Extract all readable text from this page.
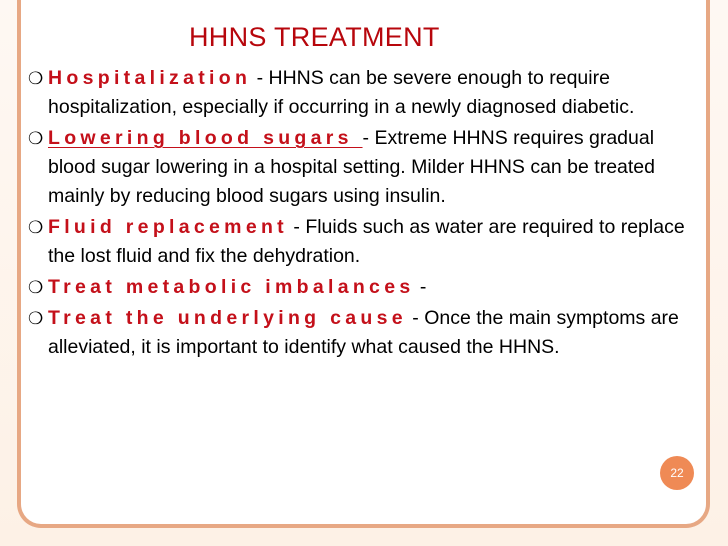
HHNS TREATMENT
❍ Hospitalization - HHNS can be severe enough to require hospitalization, especially if occurring in a newly diagnosed diabetic.
❍ Lowering blood sugars - Extreme HHNS requires gradual blood sugar lowering in a hospital setting. Milder HHNS can be treated mainly by reducing blood sugars using insulin.
❍ Fluid replacement - Fluids such as water are required to replace the lost fluid and fix the dehydration.
❍ Treat metabolic imbalances -
❍ Treat the underlying cause - Once the main symptoms are alleviated, it is important to identify what caused the HHNS.
22
